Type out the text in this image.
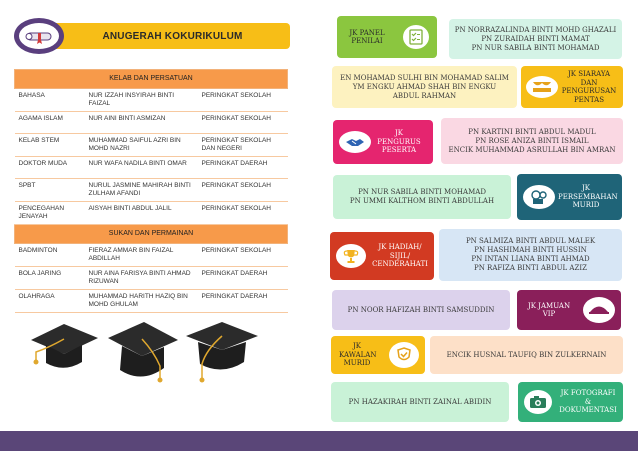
ANUGERAH KOKURIKULUM
KELAB DAN PERSATUAN		
BAHASA	NUR IZZAH INSYIRAH BINTI FAIZAL	PERINGKAT SEKOLAH
AGAMA ISLAM	NUR AINI BINTI ASMIZAN	PERINGKAT SEKOLAH
KELAB STEM	MUHAMMAD SAIFUL AZRI BIN MOHD NAZRI	PERINGKAT SEKOLAH DAN NEGERI
DOKTOR MUDA	NUR WAFA NADILA BINTI OMAR	PERINGKAT DAERAH
SPBT	NURUL JASMINE MAHIRAH BINTI ZULHAM AFANDI	PERINGKAT SEKOLAH
PENCEGAHAN JENAYAH	AISYAH BINTI ABDUL JALIL	PERINGKAT SEKOLAH
SUKAN DAN PERMAINAN		
BADMINTON	FIERAZ AMMAR BIN FAIZAL ABDILLAH	PERINGKAT SEKOLAH
BOLA JARING	NUR AINA FARISYA BINTI AHMAD RIZUWAN	PERINGKAT DAERAH
OLAHRAGA	MUHAMMAD HARITH HAZIQ BIN MOHD GHULAM	PERINGKAT DAERAH
JK PANEL PENILAI
PN NORRAZALINDA BINTI MOHD GHAZALI
PN ZURAIDAH BINTI MAMAT
PN NUR SABILA BINTI MOHAMAD
EN MOHAMAD SULHI BIN MOHAMAD SALIM
YM ENGKU AHMAD SHAH BIN ENGKU ABDUL RAHMAN
JK SIARAYA DAN PENGURUSAN PENTAS
JK PENGURUS PESERTA
PN KARTINI BINTI ABDUL MADUL
PN ROSE ANIZA BINTI ISMAIL
ENCIK MUHAMMAD ASRULLAH BIN AMRAN
PN NUR SABILA BINTI MOHAMAD
PN UMMI KALTHOM BINTI ABDULLAH
JK PERSEMBAHAN MURID
JK HADIAH/ SIJIL/ CENDERAHATI
PN SALMIZA BINTI ABDUL MALEK
PN HASHIMAH BINTI HUSSIN
PN INTAN LIANA BINTI AHMAD
PN RAFIZA BINTI ABDUL AZIZ
PN NOOR HAFIZAH BINTI SAMSUDDIN	JK JAMUAN VIP
JK KAWALAN MURID
ENCIK HUSNAL TAUFIQ BIN ZULKERNAIN
PN HAZAKIRAH BINTI ZAINAL ABIDIN
JK FOTOGRAFI & DOKUMENTASI
